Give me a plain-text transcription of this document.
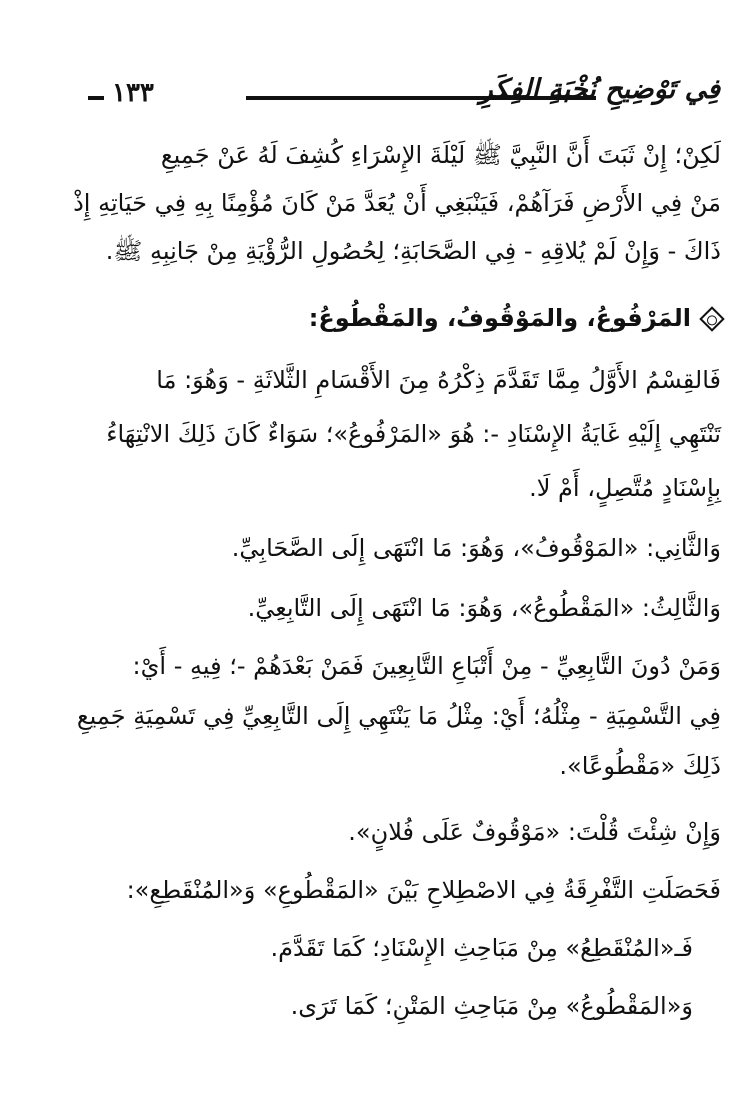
١٣٣	فِي تَوْضِيحِ نُخْبَةِ الفِكَرِ
لَكِنْ؛ إِنْ ثَبَتَ أَنَّ النَّبِيَّ ﷺ لَيْلَةَ الإِسْرَاءِ كُشِفَ لَهُ عَنْ جَمِيعِ
مَنْ فِي الأَرْضِ فَرَآهُمْ، فَيَنْبَغِي أَنْ يُعَدَّ مَنْ كَانَ مُؤْمِنًا بِهِ فِي حَيَاتِهِ إِذْ
ذَاكَ - وَإِنْ لَمْ يُلاقِهِ - فِي الصَّحَابَةِ؛ لِحُصُولِ الرُّؤْيَةِ مِنْ جَانِبِهِ ﷺ.
المَرْفُوعُ، والمَوْقُوفُ، والمَقْطُوعُ:
فَالقِسْمُ الأَوَّلُ مِمَّا تَقَدَّمَ ذِكْرُهُ مِنَ الأَقْسَامِ الثَّلاثَةِ - وَهُوَ: مَا
تَنْتَهِي إِلَيْهِ غَايَةُ الإِسْنَادِ -: هُوَ «المَرْفُوعُ»؛ سَوَاءٌ كَانَ ذَلِكَ الانْتِهَاءُ
بِإِسْنَادٍ مُتَّصِلٍ، أَمْ لَا.
وَالثَّانِي: «المَوْقُوفُ»، وَهُوَ: مَا انْتَهَى إِلَى الصَّحَابِيِّ.
وَالثَّالِثُ: «المَقْطُوعُ»، وَهُوَ: مَا انْتَهَى إِلَى التَّابِعِيِّ.
وَمَنْ دُونَ التَّابِعِيِّ - مِنْ أَتْبَاعِ التَّابِعِينَ فَمَنْ بَعْدَهُمْ -؛ فِيهِ - أَيْ:
فِي التَّسْمِيَةِ - مِثْلُهُ؛ أَيْ: مِثْلُ مَا يَنْتَهِي إِلَى التَّابِعِيِّ فِي تَسْمِيَةِ جَمِيعِ
ذَلِكَ «مَقْطُوعًا».
وَإِنْ شِئْتَ قُلْتَ: «مَوْقُوفٌ عَلَى فُلانٍ».
فَحَصَلَتِ التَّفْرِقَةُ فِي الاصْطِلاحِ بَيْنَ «المَقْطُوعِ» وَ«المُنْقَطِعِ»:
فَـ«المُنْقَطِعُ» مِنْ مَبَاحِثِ الإِسْنَادِ؛ كَمَا تَقَدَّمَ.
وَ«المَقْطُوعُ» مِنْ مَبَاحِثِ المَتْنِ؛ كَمَا تَرَى.
